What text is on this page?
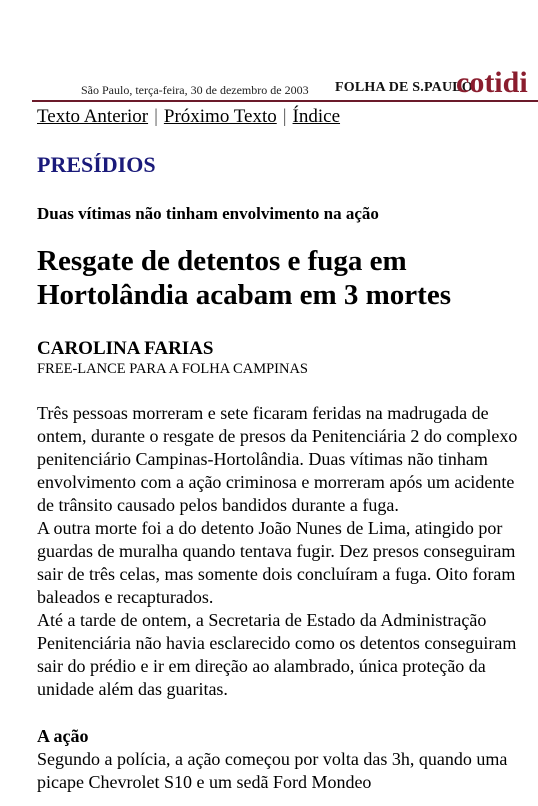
São Paulo, terça-feira, 30 de dezembro de 2003 FOLHA DE S.PAULO
cotidi
Texto Anterior | Próximo Texto | Índice
PRESÍDIOS

Duas vítimas não tinham envolvimento na ação

Resgate de detentos e fuga em Hortolândia acabam em 3 mortes

CAROLINA FARIAS

FREE-LANCE PARA A FOLHA CAMPINAS

Três pessoas morreram e sete ficaram feridas na madrugada de ontem, durante o resgate de presos da Penitenciária 2 do complexo penitenciário Campinas-Hortolândia. Duas vítimas não tinham envolvimento com a ação criminosa e morreram após um acidente de trânsito causado pelos bandidos durante a fuga.

A outra morte foi a do detento João Nunes de Lima, atingido por guardas de muralha quando tentava fugir. Dez presos conseguiram sair de três celas, mas somente dois concluíram a fuga. Oito foram baleados e recapturados.

Até a tarde de ontem, a Secretaria de Estado da Administração Penitenciária não havia esclarecido como os detentos conseguiram sair do prédio e ir em direção ao alambrado, única proteção da unidade além das guaritas.

A ação

Segundo a polícia, a ação começou por volta das 3h, quando uma picape Chevrolet S10 e um sedã Ford Mondeo
